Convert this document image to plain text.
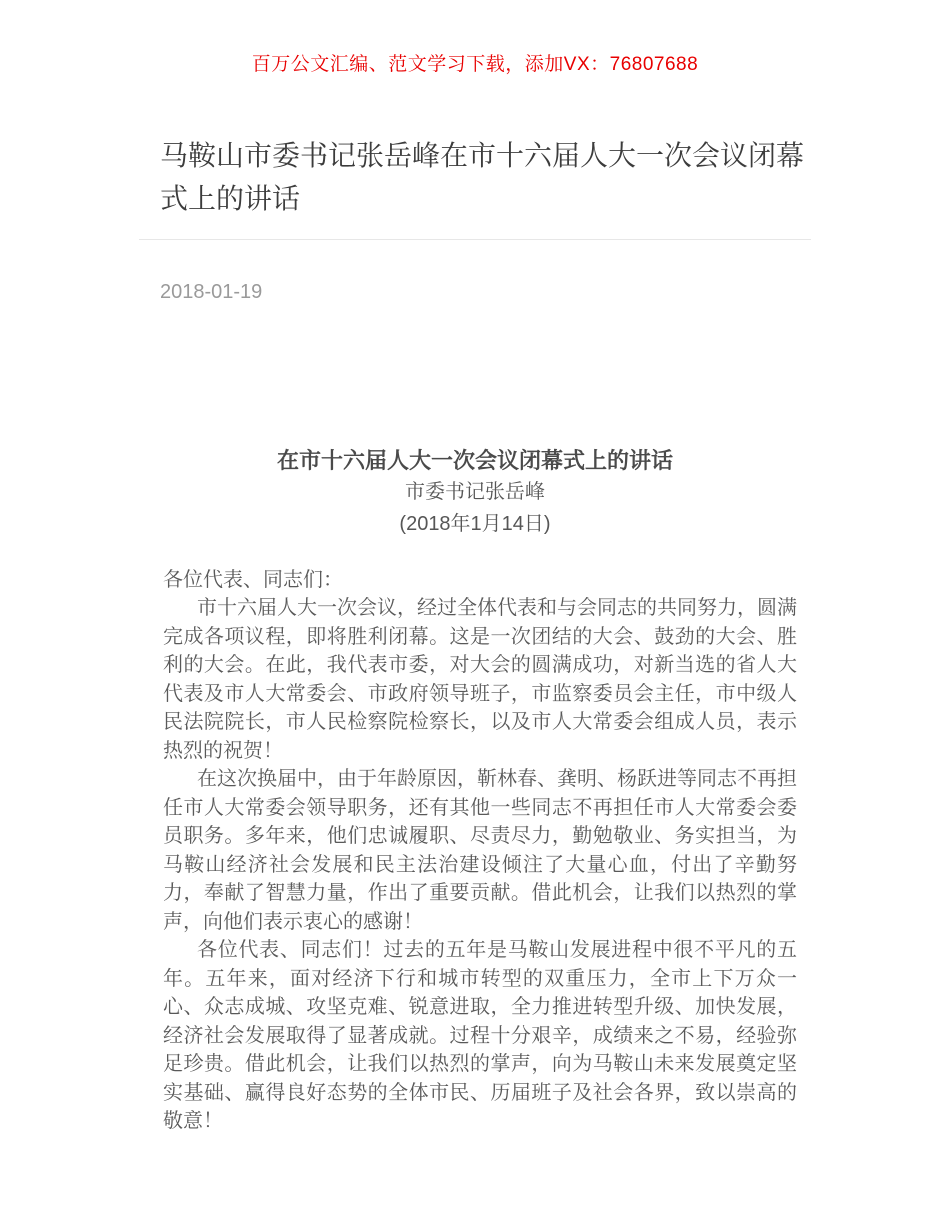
百万公文汇编、范文学习下载，添加VX：76807688
马鞍山市委书记张岳峰在市十六届人大一次会议闭幕式上的讲话
2018-01-19
在市十六届人大一次会议闭幕式上的讲话
市委书记张岳峰
(2018年1月14日)

各位代表、同志们：

市十六届人大一次会议，经过全体代表和与会同志的共同努力，圆满完成各项议程，即将胜利闭幕。这是一次团结的大会、鼓劲的大会、胜利的大会。在此，我代表市委，对大会的圆满成功，对新当选的省人大代表及市人大常委会、市政府领导班子，市监察委员会主任，市中级人民法院院长，市人民检察院检察长，以及市人大常委会组成人员，表示热烈的祝贺！

在这次换届中，由于年龄原因，靳林春、龚明、杨跃进等同志不再担任市人大常委会领导职务，还有其他一些同志不再担任市人大常委会委员职务。多年来，他们忠诚履职、尽责尽力，勤勉敬业、务实担当，为马鞍山经济社会发展和民主法治建设倾注了大量心血，付出了辛勤努力，奉献了智慧力量，作出了重要贡献。借此机会，让我们以热烈的掌声，向他们表示衷心的感谢！

各位代表、同志们！过去的五年是马鞍山发展进程中很不平凡的五年。五年来，面对经济下行和城市转型的双重压力，全市上下万众一心、众志成城、攻坚克难、锐意进取，全力推进转型升级、加快发展，经济社会发展取得了显著成就。过程十分艰辛，成绩来之不易，经验弥足珍贵。借此机会，让我们以热烈的掌声，向为马鞍山未来发展奠定坚实基础、赢得良好态势的全体市民、历届班子及社会各界，致以崇高的敬意！
